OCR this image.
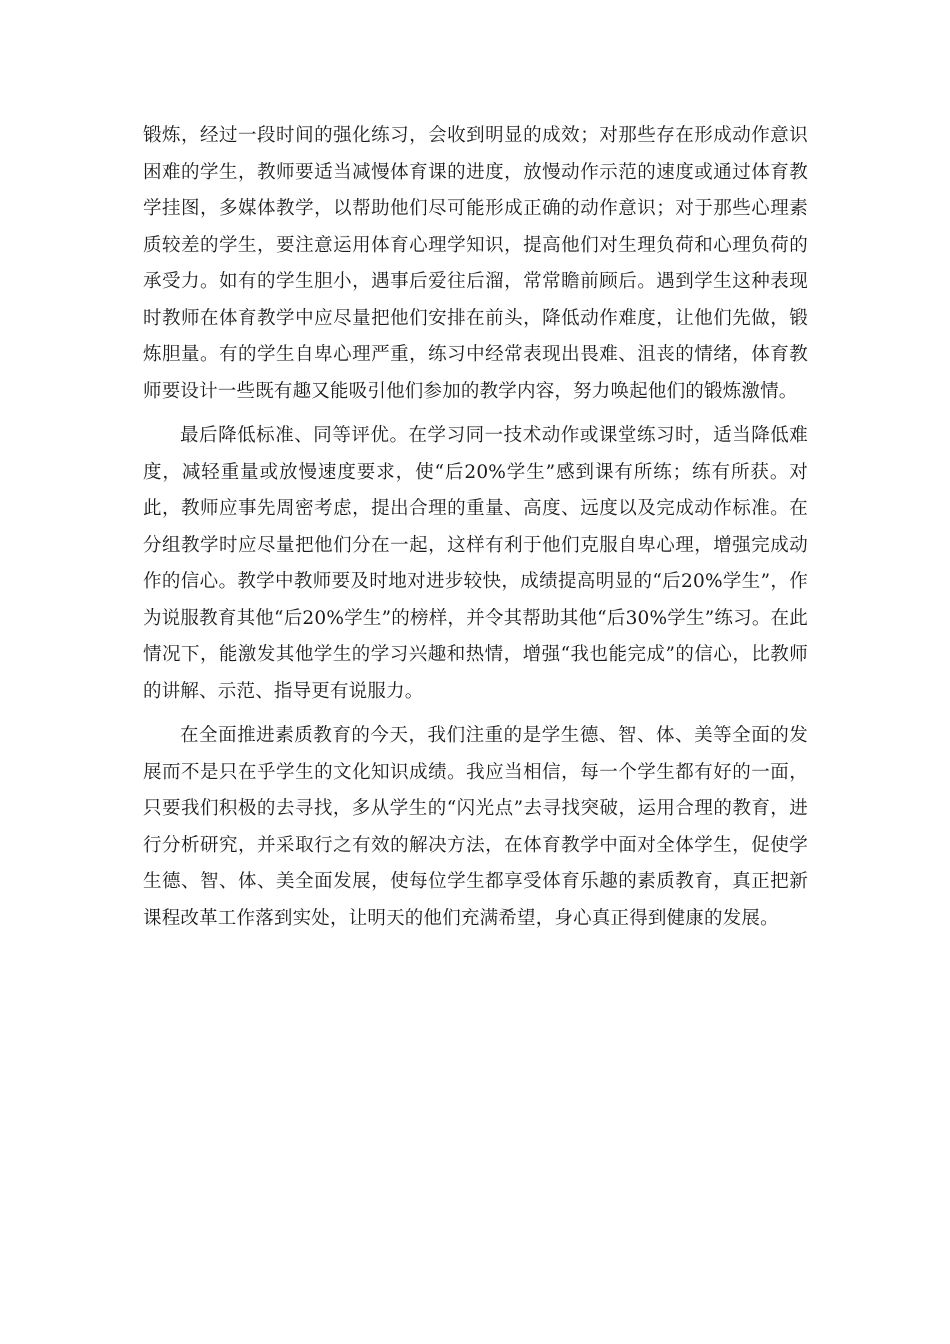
锻炼，经过一段时间的强化练习，会收到明显的成效；对那些存在形成动作意识困难的学生，教师要适当减慢体育课的进度，放慢动作示范的速度或通过体育教学挂图，多媒体教学，以帮助他们尽可能形成正确的动作意识；对于那些心理素质较差的学生，要注意运用体育心理学知识，提高他们对生理负荷和心理负荷的承受力。如有的学生胆小，遇事后爱往后溜，常常瞻前顾后。遇到学生这种表现时教师在体育教学中应尽量把他们安排在前头，降低动作难度，让他们先做，锻炼胆量。有的学生自卑心理严重，练习中经常表现出畏难、沮丧的情绪，体育教师要设计一些既有趣又能吸引他们参加的教学内容，努力唤起他们的锻炼激情。

最后降低标准、同等评优。在学习同一技术动作或课堂练习时，适当降低难度，减轻重量或放慢速度要求，使“后20%学生”感到课有所练；练有所获。对此，教师应事先周密考虑，提出合理的重量、高度、远度以及完成动作标准。在分组教学时应尽量把他们分在一起，这样有利于他们克服自卑心理，增强完成动作的信心。教学中教师要及时地对进步较快，成绩提高明显的“后20%学生”，作为说服教育其他“后20%学生”的榜样，并令其帮助其他“后30%学生”练习。在此情况下，能激发其他学生的学习兴趣和热情，增强“我也能完成”的信心，比教师的讲解、示范、指导更有说服力。

在全面推进素质教育的今天，我们注重的是学生德、智、体、美等全面的发展而不是只在乎学生的文化知识成绩。我应当相信，每一个学生都有好的一面，只要我们积极的去寻找，多从学生的“闪光点”去寻找突破，运用合理的教育，进行分析研究，并采取行之有效的解决方法，在体育教学中面对全体学生，促使学生德、智、体、美全面发展，使每位学生都享受体育乐趣的素质教育，真正把新课程改革工作落到实处，让明天的他们充满希望，身心真正得到健康的发展。
